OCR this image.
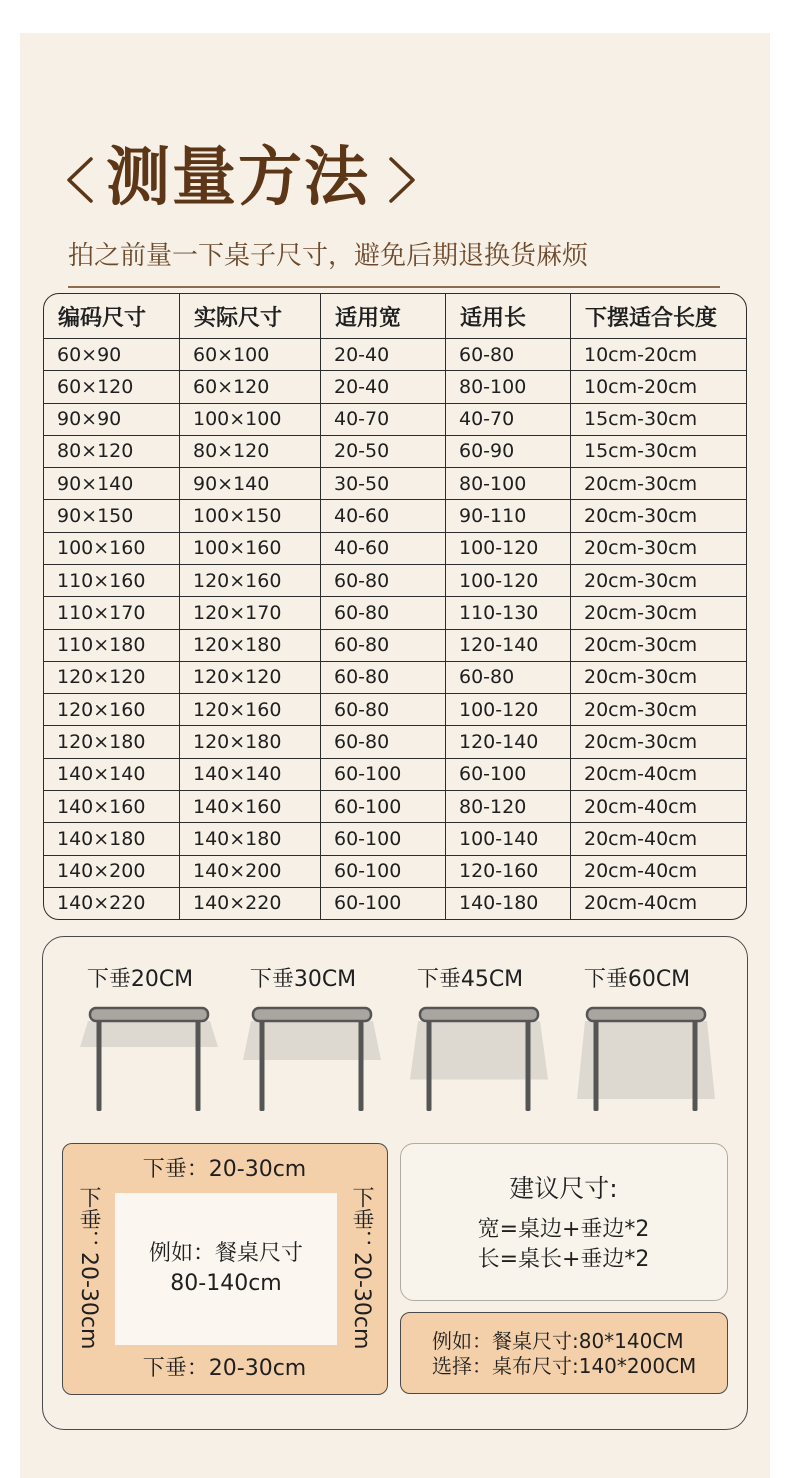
测量方法
拍之前量一下桌子尺寸，避免后期退换货麻烦
编码尺寸	实际尺寸	适用宽	适用长	下摆适合长度
60×90	60×100	20-40	60-80	10cm-20cm
60×120	60×120	20-40	80-100	10cm-20cm
90×90	100×100	40-70	40-70	15cm-30cm
80×120	80×120	20-50	60-90	15cm-30cm
90×140	90×140	30-50	80-100	20cm-30cm
90×150	100×150	40-60	90-110	20cm-30cm
100×160	100×160	40-60	100-120	20cm-30cm
110×160	120×160	60-80	100-120	20cm-30cm
110×170	120×170	60-80	110-130	20cm-30cm
110×180	120×180	60-80	120-140	20cm-30cm
120×120	120×120	60-80	60-80	20cm-30cm
120×160	120×160	60-80	100-120	20cm-30cm
120×180	120×180	60-80	120-140	20cm-30cm
140×140	140×140	60-100	60-100	20cm-40cm
140×160	140×160	60-100	80-120	20cm-40cm
140×180	140×180	60-100	100-140	20cm-40cm
140×200	140×200	60-100	120-160	20cm-40cm
140×220	140×220	60-100	140-180	20cm-40cm
下垂20CM	下垂30CM	下垂45CM	下垂60CM
下垂：20-30cm
下垂：20-30cm 例如：餐桌尺寸
80-140cm	下垂：20-30cm
下垂：20-30cm
建议尺寸:
宽=桌边+垂边*2
长=桌长+垂边*2
例如：餐桌尺寸:80*140CM
选择：桌布尺寸:140*200CM
